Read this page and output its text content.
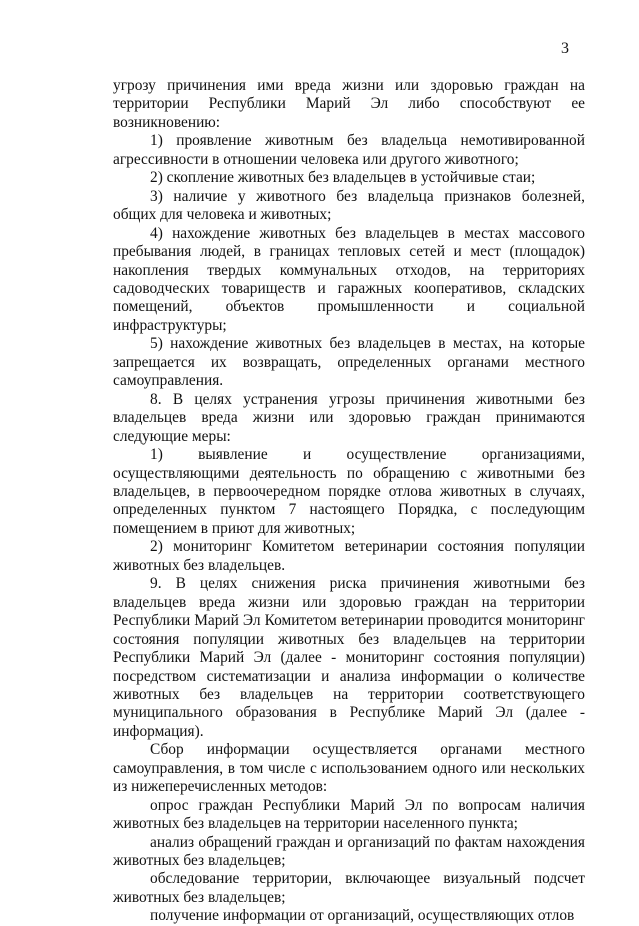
3

угрозу причинения ими вреда жизни или здоровью граждан на территории Республики Марий Эл либо способствуют ее возникновению:

1) проявление животным без владельца немотивированной агрессивности в отношении человека или другого животного;

2) скопление животных без владельцев в устойчивые стаи;

3) наличие у животного без владельца признаков болезней, общих для человека и животных;

4) нахождение животных без владельцев в местах массового пребывания людей, в границах тепловых сетей и мест (площадок) накопления твердых коммунальных отходов, на территориях садоводческих товариществ и гаражных кооперативов, складских помещений, объектов промышленности и социальной инфраструктуры;

5) нахождение животных без владельцев в местах, на которые запрещается их возвращать, определенных органами местного самоуправления.

8. В целях устранения угрозы причинения животными без владельцев вреда жизни или здоровью граждан принимаются следующие меры:

1) выявление и осуществление организациями, осуществляющими деятельность по обращению с животными без владельцев, в первоочередном порядке отлова животных в случаях, определенных пунктом 7 настоящего Порядка, с последующим помещением в приют для животных;

2) мониторинг Комитетом ветеринарии состояния популяции животных без владельцев.

9. В целях снижения риска причинения животными без владельцев вреда жизни или здоровью граждан на территории Республики Марий Эл Комитетом ветеринарии проводится мониторинг состояния популяции животных без владельцев на территории Республики Марий Эл (далее - мониторинг состояния популяции) посредством систематизации и анализа информации о количестве животных без владельцев на территории соответствующего муниципального образования в Республике Марий Эл (далее - информация).

Сбор информации осуществляется органами местного самоуправления, в том числе с использованием одного или нескольких из нижеперечисленных методов:

опрос граждан Республики Марий Эл по вопросам наличия животных без владельцев на территории населенного пункта;

анализ обращений граждан и организаций по фактам нахождения животных без владельцев;

обследование территории, включающее визуальный подсчет животных без владельцев;

получение информации от организаций, осуществляющих отлов
